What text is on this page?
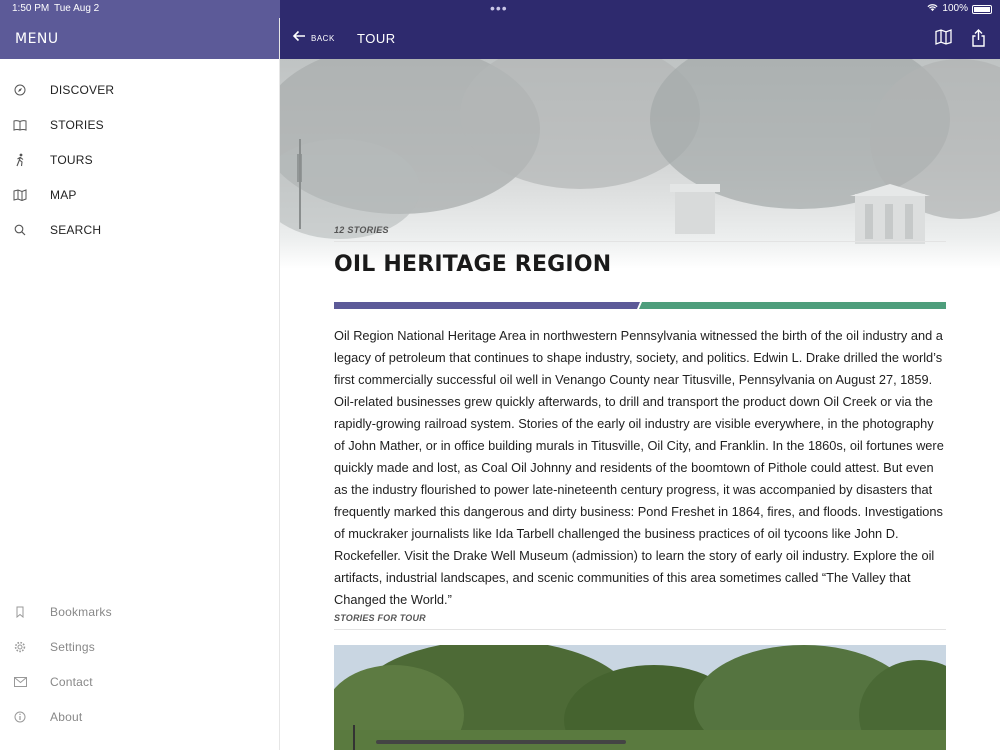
1:50 PM Tue Aug 2	•••	100%
MENU
DISCOVER
STORIES
TOURS
MAP
SEARCH
Bookmarks
Settings
Contact
About
BACK TOUR
12 STORIES
OIL HERITAGE REGION

Oil Region National Heritage Area in northwestern Pennsylvania witnessed the birth of the oil industry and a legacy of petroleum that continues to shape industry, society, and politics. Edwin L. Drake drilled the world’s first commercially successful oil well in Venango County near Titusville, Pennsylvania on August 27, 1859. Oil-related businesses grew quickly afterwards, to drill and transport the product down Oil Creek or via the rapidly-growing railroad system. Stories of the early oil industry are visible everywhere, in the photography of John Mather, or in office building murals in Titusville, Oil City, and Franklin. In the 1860s, oil fortunes were quickly made and lost, as Coal Oil Johnny and residents of the boomtown of Pithole could attest. But even as the industry flourished to power late-nineteenth century progress, it was accompanied by disasters that frequently marked this dangerous and dirty business: Pond Freshet in 1864, fires, and floods. Investigations of muckraker journalists like Ida Tarbell challenged the business practices of oil tycoons like John D. Rockefeller. Visit the Drake Well Museum (admission) to learn the story of early oil industry. Explore the oil artifacts, industrial landscapes, and scenic communities of this area sometimes called “The Valley that Changed the World.”

STORIES FOR TOUR
